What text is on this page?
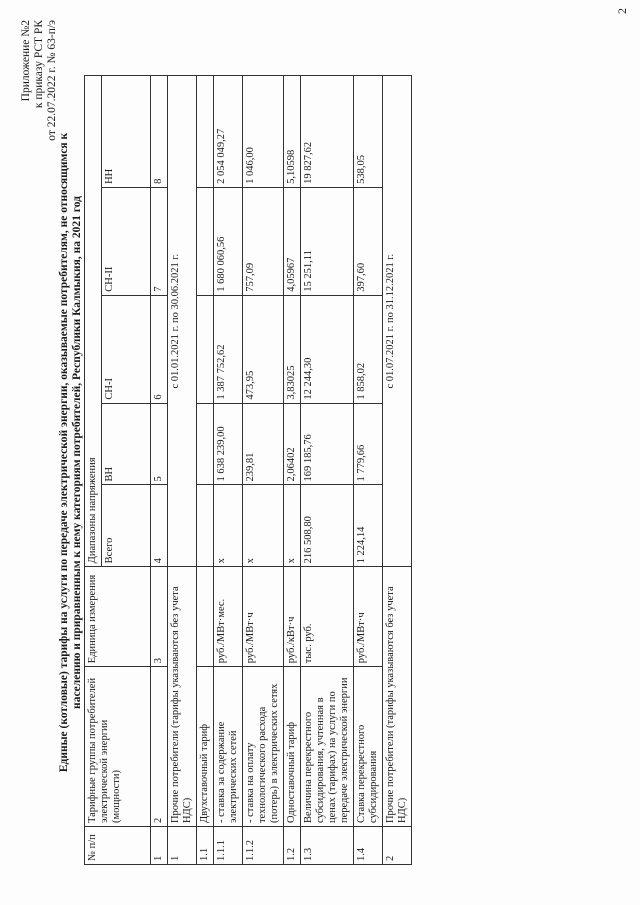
Приложение №2 к приказу РСТ РК от 22.07.2022 г. № 63-п/э
Единые (котловые) тарифы на услуги по передаче электрической энергии, оказываемые потребителям, не относящимся к населению и приравненным к нему категориям потребителей, Республики Калмыкия, на 2021 год
№ п/п	Тарифные группы потребителей электрической энергии (мощности)	Единица измерения	Диапазоны напряжения				
			Всего	ВН	СН-I	СН-II	НН
1	2	3	4	5	6	7	8
1	Прочие потребители (тарифы указываются без учета НДС)		с 01.01.2021 г. по 30.06.2021 г.				
1.1	Двухставочный тариф						
1.1.1	- ставка за содержание электрических сетей	руб./МВт·мес.	х	1 638 239,00	1 387 752,62	1 680 060,56	2 054 049,27
1.1.2	- ставка на оплату технологического расхода (потерь) в электрических сетях	руб./МВт·ч	х	239,81	473,95	757,09	1 046,00
1.2	Одноставочный тариф	руб./кВт·ч	х	2,06402	3,83025	4,05967	5,10598
1.3	Величина перекрестного субсидирования, учтенная в ценах (тарифах) на услуги по передаче электрической энергии	тыс. руб.	216 508,80	169 185,76	12 244,30	15 251,11	19 827,62
1.4	Ставка перекрестного субсидирования	руб./МВт·ч	1 224,14	1 779,66	1 858,02	397,60	538,05
2	Прочие потребители (тарифы указываются без учета НДС)		с 01.07.2021 г. по 31.12.2021 г.				
2
